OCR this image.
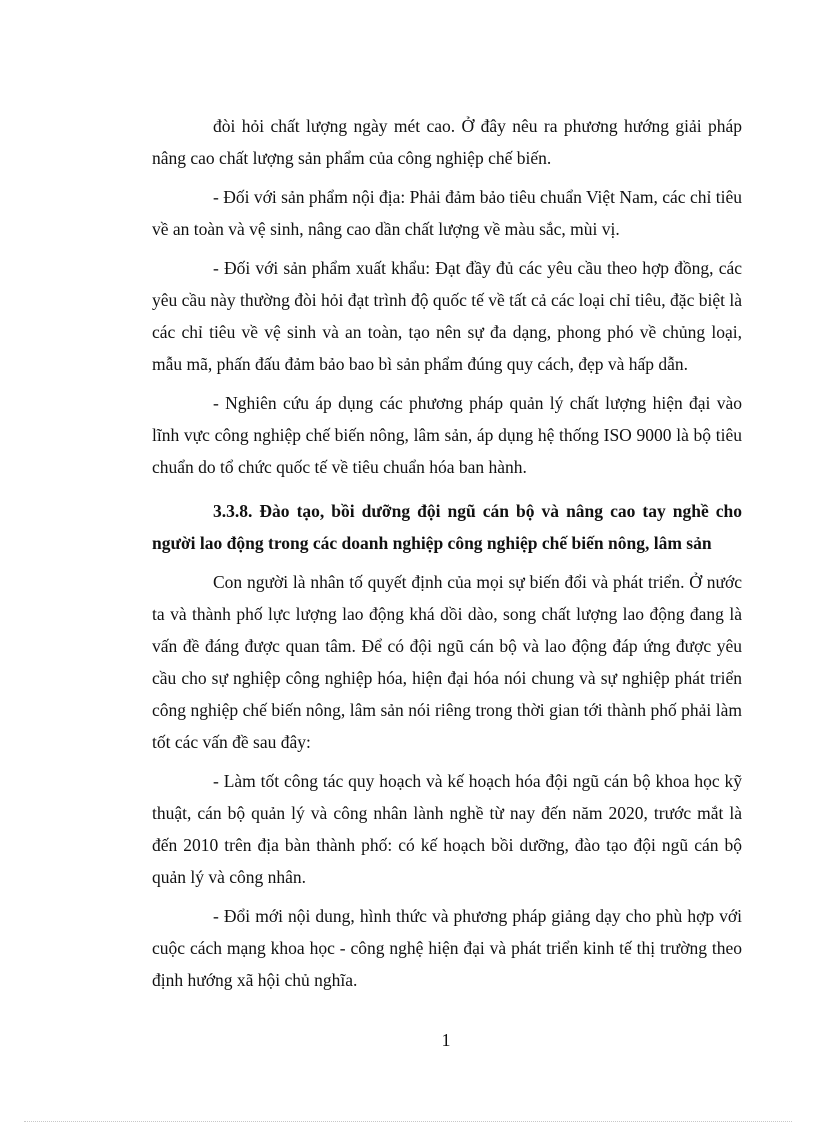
đòi hỏi chất lượng ngày mét cao. Ở đây nêu ra phương hướng giải pháp nâng cao chất lượng sản phẩm của công nghiệp chế biến.

- Đối với sản phẩm nội địa: Phải đảm bảo tiêu chuẩn Việt Nam, các chỉ tiêu về an toàn và vệ sinh, nâng cao dần chất lượng về màu sắc, mùi vị.

- Đối với sản phẩm xuất khẩu: Đạt đầy đủ các yêu cầu theo hợp đồng, các yêu cầu này thường đòi hỏi đạt trình độ quốc tế về tất cả các loại chỉ tiêu, đặc biệt là các chỉ tiêu về vệ sinh và an toàn, tạo nên sự đa dạng, phong phó về chủng loại, mẫu mã, phấn đấu đảm bảo bao bì sản phẩm đúng quy cách, đẹp và hấp dẫn.

- Nghiên cứu áp dụng các phương pháp quản lý chất lượng hiện đại vào lĩnh vực công nghiệp chế biến nông, lâm sản, áp dụng hệ thống ISO 9000 là bộ tiêu chuẩn do tổ chức quốc tế về tiêu chuẩn hóa ban hành.

3.3.8. Đào tạo, bồi dưỡng đội ngũ cán bộ và nâng cao tay nghề cho người lao động trong các doanh nghiệp công nghiệp chế biến nông, lâm sản

Con người là nhân tố quyết định của mọi sự biến đổi và phát triển. Ở nước ta và thành phố lực lượng lao động khá dồi dào, song chất lượng lao động đang là vấn đề đáng được quan tâm. Để có đội ngũ cán bộ và lao động đáp ứng được yêu cầu cho sự nghiệp công nghiệp hóa, hiện đại hóa nói chung và sự nghiệp phát triển công nghiệp chế biến nông, lâm sản nói riêng trong thời gian tới thành phố phải làm tốt các vấn đề sau đây:

- Làm tốt công tác quy hoạch và kế hoạch hóa đội ngũ cán bộ khoa học kỹ thuật, cán bộ quản lý và công nhân lành nghề từ nay đến năm 2020, trước mắt là đến 2010 trên địa bàn thành phố: có kế hoạch bồi dưỡng, đào tạo đội ngũ cán bộ quản lý và công nhân.

- Đổi mới nội dung, hình thức và phương pháp giảng dạy cho phù hợp với cuộc cách mạng khoa học - công nghệ hiện đại và phát triển kinh tế thị trường theo định hướng xã hội chủ nghĩa.

1
